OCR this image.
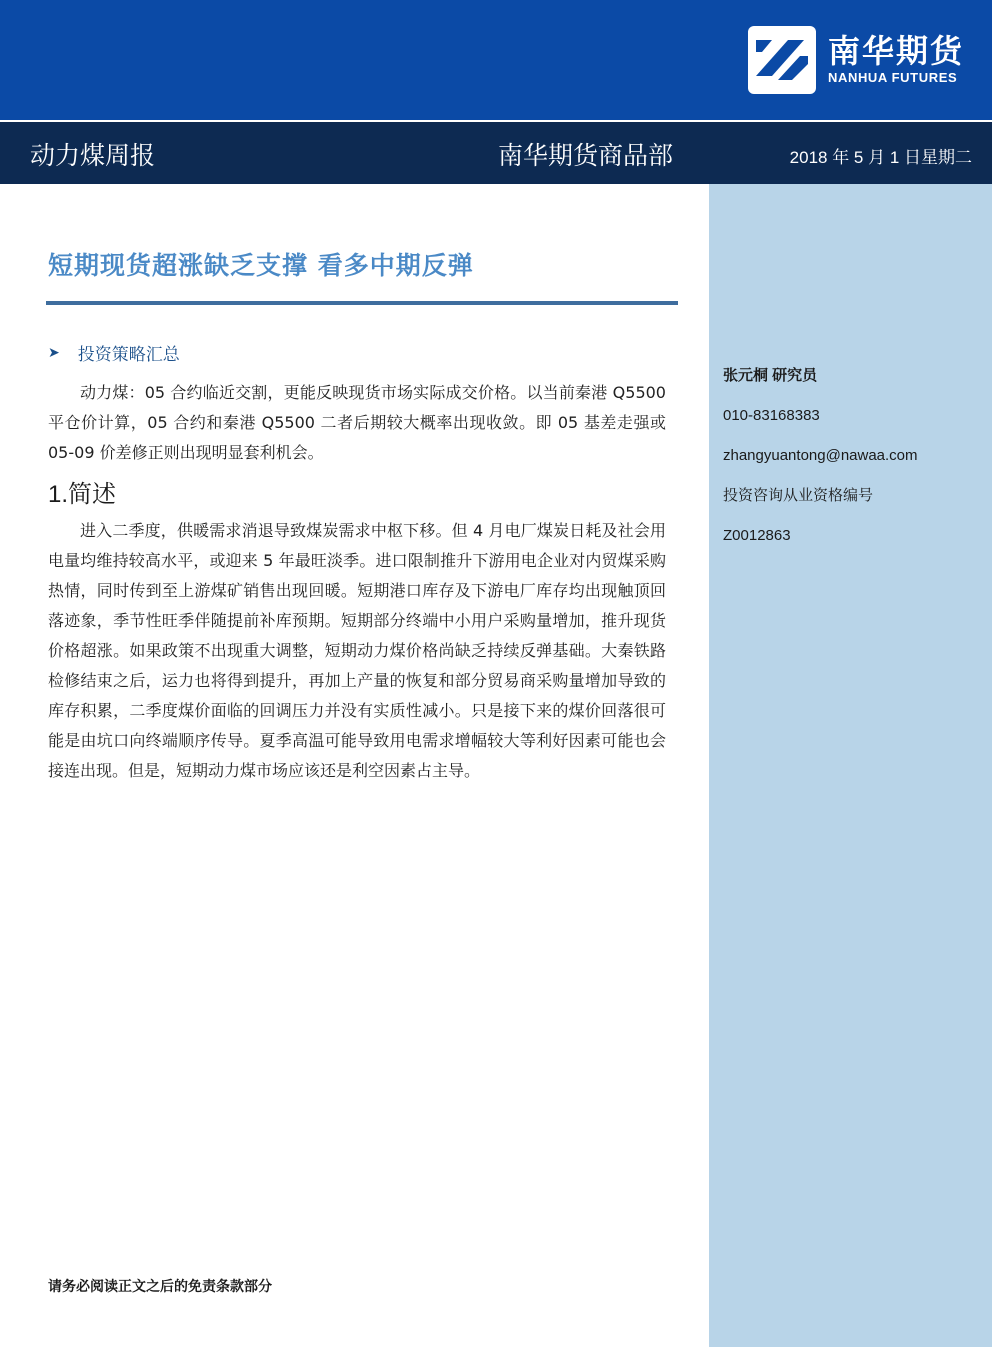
南华期货
NANHUA FUTURES
动力煤周报	南华期货商品部	2018 年 5 月 1 日星期二
张元桐 研究员
010-83168383
zhangyuantong@nawaa.com
投资咨询从业资格编号
Z0012863
短期现货超涨缺乏支撑 看多中期反弹
➤ 投资策略汇总
动力煤：05 合约临近交割，更能反映现货市场实际成交价格。以当前秦港 Q5500 平仓价计算，05 合约和秦港 Q5500 二者后期较大概率出现收敛。即 05 基差走强或 05-09 价差修正则出现明显套利机会。
1.简述
进入二季度，供暖需求消退导致煤炭需求中枢下移。但 4 月电厂煤炭日耗及社会用电量均维持较高水平，或迎来 5 年最旺淡季。进口限制推升下游用电企业对内贸煤采购热情，同时传到至上游煤矿销售出现回暖。短期港口库存及下游电厂库存均出现触顶回落迹象，季节性旺季伴随提前补库预期。短期部分终端中小用户采购量增加，推升现货价格超涨。如果政策不出现重大调整，短期动力煤价格尚缺乏持续反弹基础。大秦铁路检修结束之后，运力也将得到提升，再加上产量的恢复和部分贸易商采购量增加导致的库存积累，二季度煤价面临的回调压力并没有实质性减小。只是接下来的煤价回落很可能是由坑口向终端顺序传导。夏季高温可能导致用电需求增幅较大等利好因素可能也会接连出现。但是，短期动力煤市场应该还是利空因素占主导。
请务必阅读正文之后的免责条款部分
